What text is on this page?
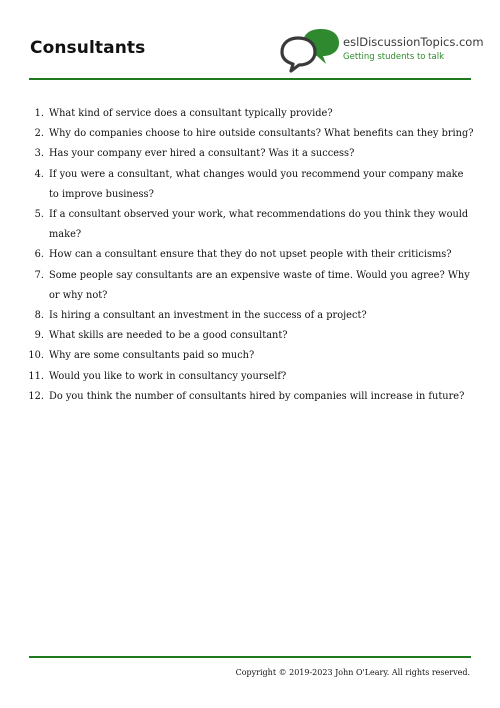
Consultants	eslDiscussionTopics.com
Getting students to talk
1. What kind of service does a consultant typically provide?
2. Why do companies choose to hire outside consultants? What benefits can they bring?
3. Has your company ever hired a consultant? Was it a success?
4. If you were a consultant, what changes would you recommend your company make to improve business?
5. If a consultant observed your work, what recommendations do you think they would make?
6. How can a consultant ensure that they do not upset people with their criticisms?
7. Some people say consultants are an expensive waste of time. Would you agree? Why or why not?
8. Is hiring a consultant an investment in the success of a project?
9. What skills are needed to be a good consultant?
10. Why are some consultants paid so much?
11. Would you like to work in consultancy yourself?
12. Do you think the number of consultants hired by companies will increase in future?
Copyright © 2019-2023 John O'Leary. All rights reserved.
